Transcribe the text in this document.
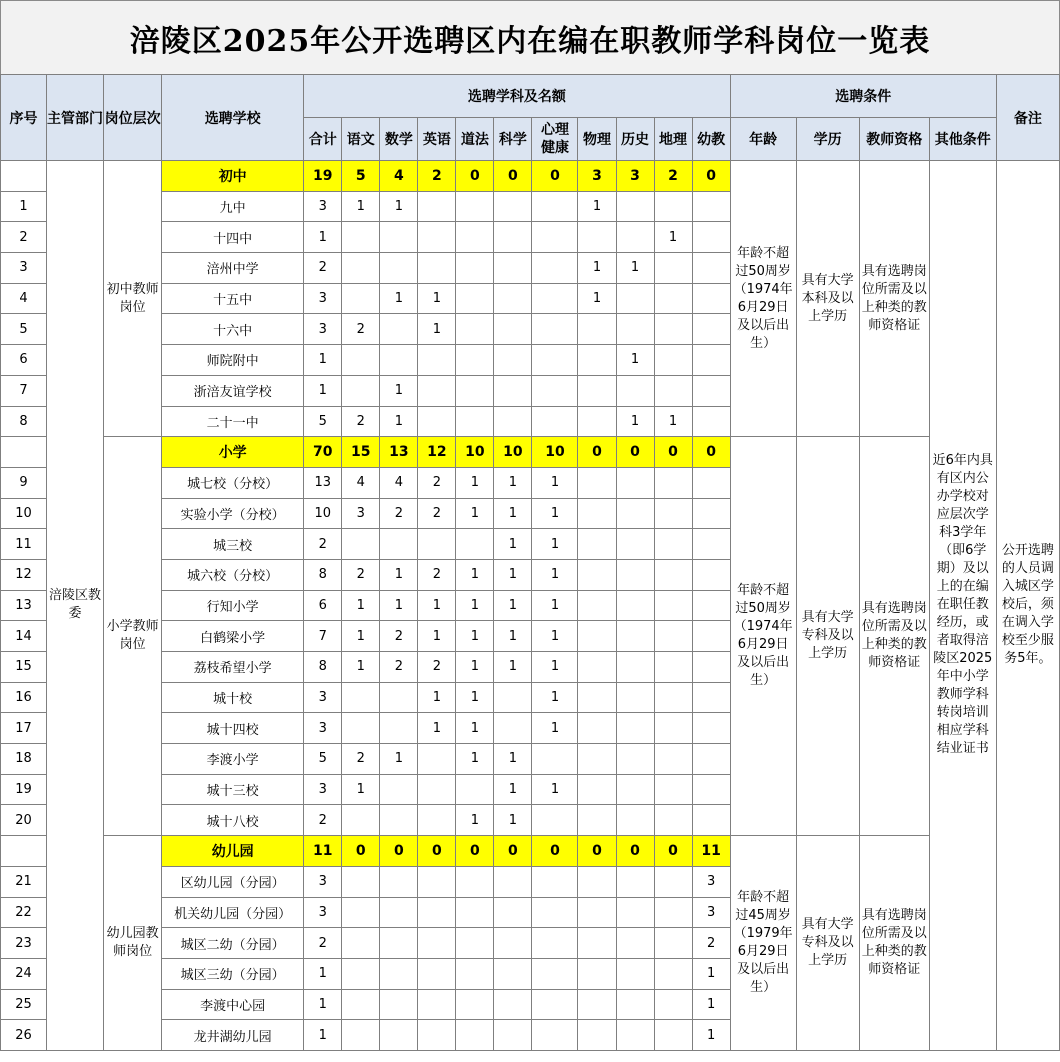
涪陵区2025年公开选聘区内在编在职教师学科岗位一览表
序号	主管部门	岗位层次	选聘学校	选聘学科及名额											选聘条件				备注
				合计	语文	数学	英语	道法	科学	心理健康	物理	历史	地理	幼教	年龄	学历	教师资格	其他条件	
	涪陵区教委	初中教师岗位	初中	19	5	4	2	0	0	0	3	3	2	0	年龄不超过50周岁（1974年6月29日及以后出生）	具有大学本科及以上学历	具有选聘岗位所需及以上种类的教师资格证	近6年内具有区内公办学校对应层次学科3学年（即6学期）及以上的在编在职任教经历，或者取得涪陵区2025年中小学教师学科转岗培训相应学科结业证书	公开选聘的人员调入城区学校后，须在调入学校至少服务5年。
1			九中	3	1	1					1								
2			十四中	1									1						
3			涪州中学	2							1	1							
4			十五中	3		1	1				1								
5			十六中	3	2		1												
6			师院附中	1								1							
7			浙涪友谊学校	1		1													
8			二十一中	5	2	1						1	1						
		小学教师岗位	小学	70	15	13	12	10	10	10	0	0	0	0	年龄不超过50周岁（1974年6月29日及以后出生）	具有大学专科及以上学历	具有选聘岗位所需及以上种类的教师资格证		
9			城七校（分校）	13	4	4	2	1	1	1									
10			实验小学（分校）	10	3	2	2	1	1	1									
11			城三校	2					1	1									
12			城六校（分校）	8	2	1	2	1	1	1									
13			行知小学	6	1	1	1	1	1	1									
14			白鹤梁小学	7	1	2	1	1	1	1									
15			荔枝希望小学	8	1	2	2	1	1	1									
16			城十校	3			1	1		1									
17			城十四校	3			1	1		1									
18			李渡小学	5	2	1		1	1										
19			城十三校	3	1				1	1									
20			城十八校	2				1	1										
		幼儿园教师岗位	幼儿园	11	0	0	0	0	0	0	0	0	0	11	年龄不超过45周岁（1979年6月29日及以后出生）	具有大学专科及以上学历	具有选聘岗位所需及以上种类的教师资格证		
21			区幼儿园（分园）	3										3					
22			机关幼儿园（分园）	3										3					
23			城区二幼（分园）	2										2					
24			城区三幼（分园）	1										1					
25			李渡中心园	1										1					
26			龙井湖幼儿园	1										1					
